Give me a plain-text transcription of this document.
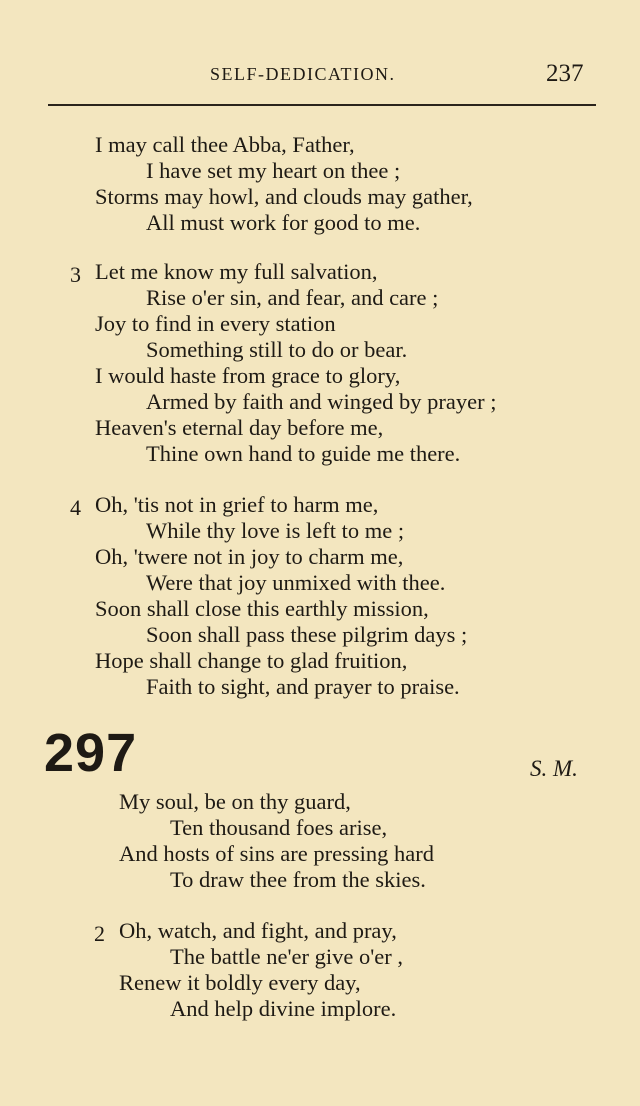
SELF-DEDICATION.	237
I may call thee Abba, Father,
I have set my heart on thee ;
Storms may howl, and clouds may gather,
All must work for good to me.
3 Let me know my full salvation,
Rise o'er sin, and fear, and care ;
Joy to find in every station
Something still to do or bear.
I would haste from grace to glory,
Armed by faith and winged by prayer ;
Heaven's eternal day before me,
Thine own hand to guide me there.
4 Oh, 'tis not in grief to harm me,
While thy love is left to me ;
Oh, 'twere not in joy to charm me,
Were that joy unmixed with thee.
Soon shall close this earthly mission,
Soon shall pass these pilgrim days ;
Hope shall change to glad fruition,
Faith to sight, and prayer to praise.
297	S. M.
My soul, be on thy guard,
Ten thousand foes arise,
And hosts of sins are pressing hard
To draw thee from the skies.
2 Oh, watch, and fight, and pray,
The battle ne'er give o'er ,
Renew it boldly every day,
And help divine implore.
